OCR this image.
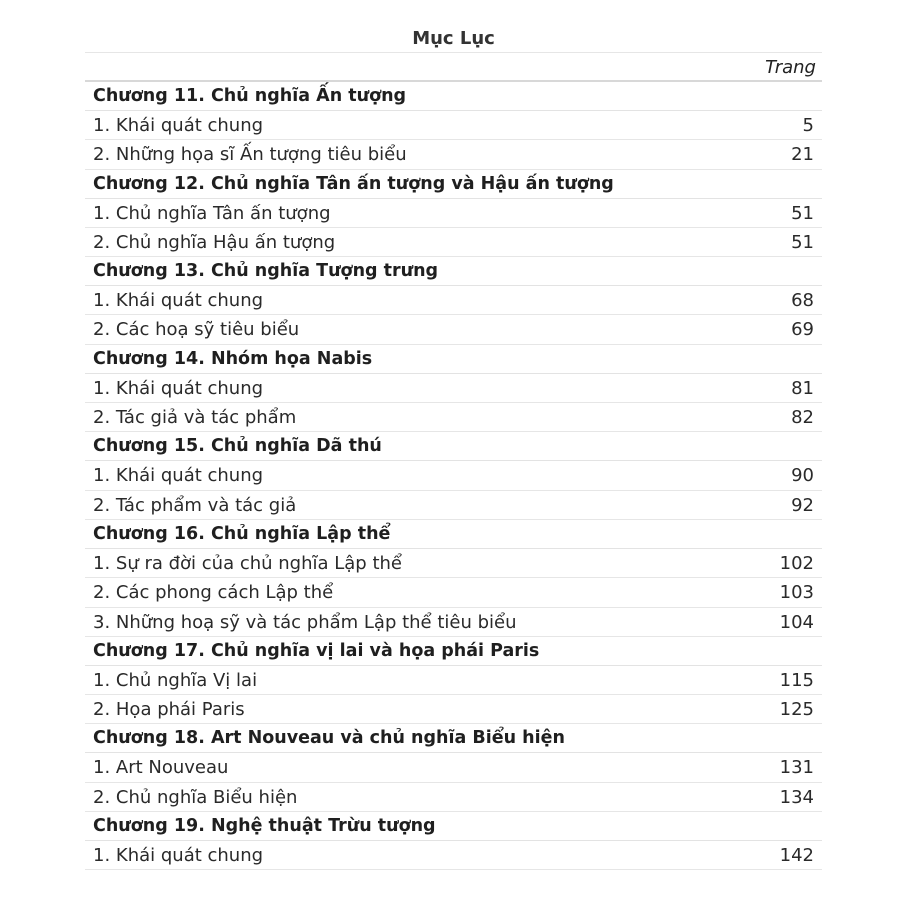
Mục Lục
Trang
Chương 11. Chủ nghĩa Ấn tượng
1. Khái quát chung	5
2. Những họa sĩ Ấn tượng tiêu biểu	21
Chương 12. Chủ nghĩa Tân ấn tượng và Hậu ấn tượng
1. Chủ nghĩa Tân ấn tượng	51
2. Chủ nghĩa Hậu ấn tượng	51
Chương 13. Chủ nghĩa Tượng trưng
1. Khái quát chung	68
2. Các hoạ sỹ tiêu biểu	69
Chương 14. Nhóm họa Nabis
1. Khái quát chung	81
2. Tác giả và tác phẩm	82
Chương 15. Chủ nghĩa Dã thú
1. Khái quát chung	90
2. Tác phẩm và tác giả	92
Chương 16. Chủ nghĩa Lập thể
1. Sự ra đời của chủ nghĩa Lập thể	102
2. Các phong cách Lập thể	103
3. Những hoạ sỹ và tác phẩm Lập thể tiêu biểu	104
Chương 17. Chủ nghĩa vị lai và họa phái Paris
1. Chủ nghĩa Vị lai	115
2. Họa phái Paris	125
Chương 18. Art Nouveau và chủ nghĩa Biểu hiện
1. Art Nouveau	131
2. Chủ nghĩa Biểu hiện	134
Chương 19. Nghệ thuật Trừu tượng
1. Khái quát chung	142
